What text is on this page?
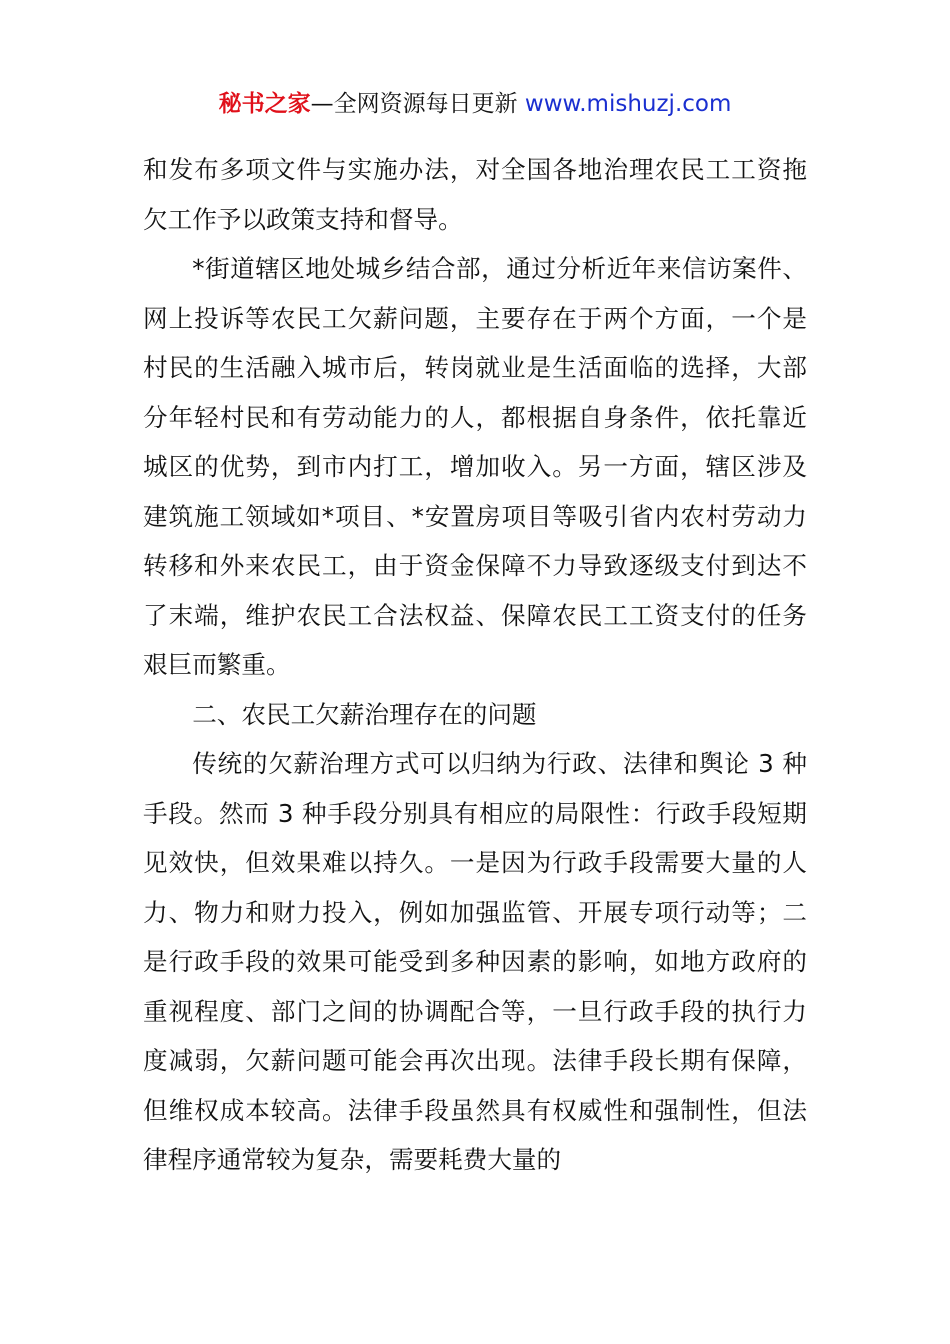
秘书之家—全网资源每日更新 www.mishuzj.com

和发布多项文件与实施办法，对全国各地治理农民工工资拖欠工作予以政策支持和督导。

*街道辖区地处城乡结合部，通过分析近年来信访案件、网上投诉等农民工欠薪问题，主要存在于两个方面，一个是村民的生活融入城市后，转岗就业是生活面临的选择，大部分年轻村民和有劳动能力的人，都根据自身条件，依托靠近城区的优势，到市内打工，增加收入。另一方面，辖区涉及建筑施工领域如*项目、*安置房项目等吸引省内农村劳动力转移和外来农民工，由于资金保障不力导致逐级支付到达不了末端，维护农民工合法权益、保障农民工工资支付的任务艰巨而繁重。

二、农民工欠薪治理存在的问题

传统的欠薪治理方式可以归纳为行政、法律和舆论 3 种手段。然而 3 种手段分别具有相应的局限性：行政手段短期见效快，但效果难以持久。一是因为行政手段需要大量的人力、物力和财力投入，例如加强监管、开展专项行动等；二是行政手段的效果可能受到多种因素的影响，如地方政府的重视程度、部门之间的协调配合等，一旦行政手段的执行力度减弱，欠薪问题可能会再次出现。法律手段长期有保障，但维权成本较高。法律手段虽然具有权威性和强制性，但法律程序通常较为复杂，需要耗费大量的
